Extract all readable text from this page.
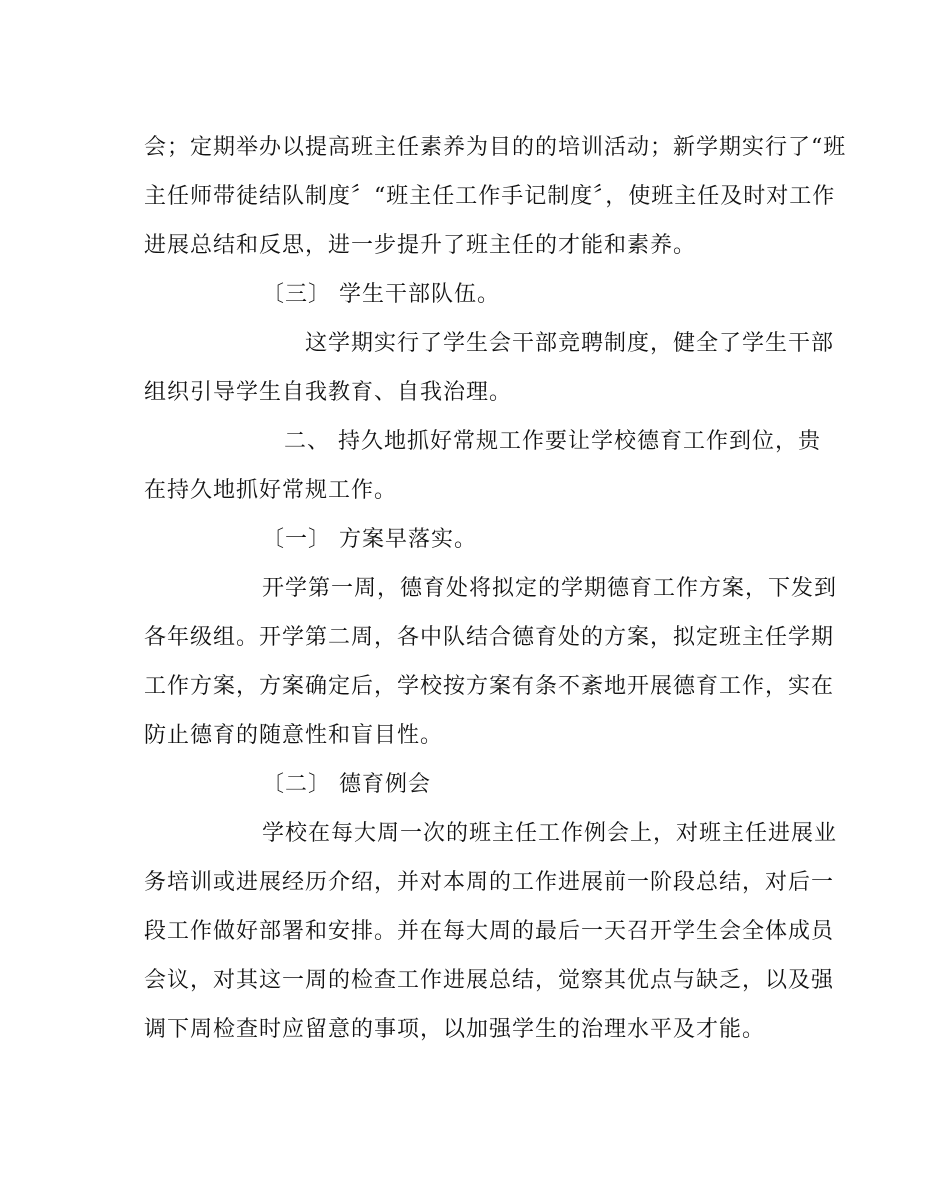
会；定期举办以提高班主任素养为目的的培训活动；新学期实行了“班
主任师带徒结队制度〞“班主任工作手记制度〞，使班主任及时对工作
进展总结和反思，进一步提升了班主任的才能和素养。
〔三〕 学生干部队伍。
这学期实行了学生会干部竞聘制度，健全了学生干部
组织引导学生自我教育、自我治理。
二、 持久地抓好常规工作要让学校德育工作到位，贵
在持久地抓好常规工作。
〔一〕 方案早落实。
开学第一周，德育处将拟定的学期德育工作方案，下发到
各年级组。开学第二周，各中队结合德育处的方案，拟定班主任学期
工作方案，方案确定后，学校按方案有条不紊地开展德育工作，实在
防止德育的随意性和盲目性。
〔二〕 德育例会
学校在每大周一次的班主任工作例会上，对班主任进展业
务培训或进展经历介绍，并对本周的工作进展前一阶段总结，对后一
段工作做好部署和安排。并在每大周的最后一天召开学生会全体成员
会议，对其这一周的检查工作进展总结，觉察其优点与缺乏，以及强
调下周检查时应留意的事项，以加强学生的治理水平及才能。
